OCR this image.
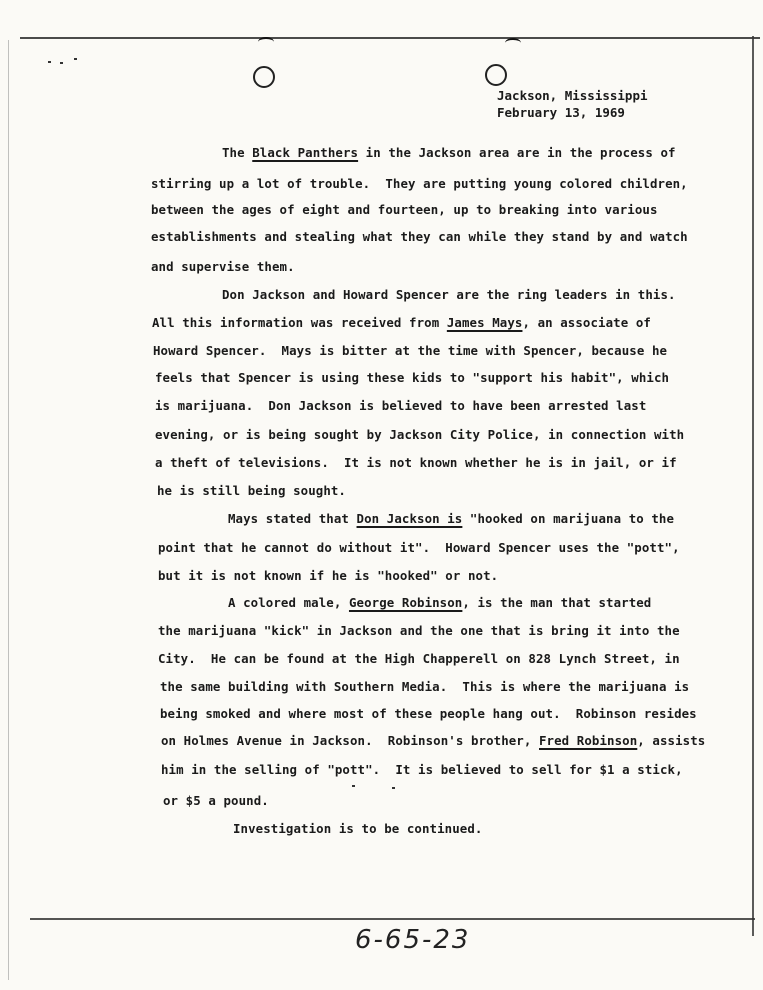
Jackson, Mississippi
February 13, 1969
The Black Panthers in the Jackson area are in the process of
stirring up a lot of trouble.  They are putting young colored children,
between the ages of eight and fourteen, up to breaking into various
establishments and stealing what they can while they stand by and watch
and supervise them.
Don Jackson and Howard Spencer are the ring leaders in this.
All this information was received from James Mays, an associate of
Howard Spencer.  Mays is bitter at the time with Spencer, because he
feels that Spencer is using these kids to "support his habit", which
is marijuana.  Don Jackson is believed to have been arrested last
evening, or is being sought by Jackson City Police, in connection with
a theft of televisions.  It is not known whether he is in jail, or if
he is still being sought.
Mays stated that Don Jackson is "hooked on marijuana to the
point that he cannot do without it".  Howard Spencer uses the "pott",
but it is not known if he is "hooked" or not.
A colored male, George Robinson, is the man that started
the marijuana "kick" in Jackson and the one that is bring it into the
City.  He can be found at the High Chapperell on 828 Lynch Street, in
the same building with Southern Media.  This is where the marijuana is
being smoked and where most of these people hang out.  Robinson resides
on Holmes Avenue in Jackson.  Robinson's brother, Fred Robinson, assists
him in the selling of "pott".  It is believed to sell for $1 a stick,
or $5 a pound.
Investigation is to be continued.
6-65-23
